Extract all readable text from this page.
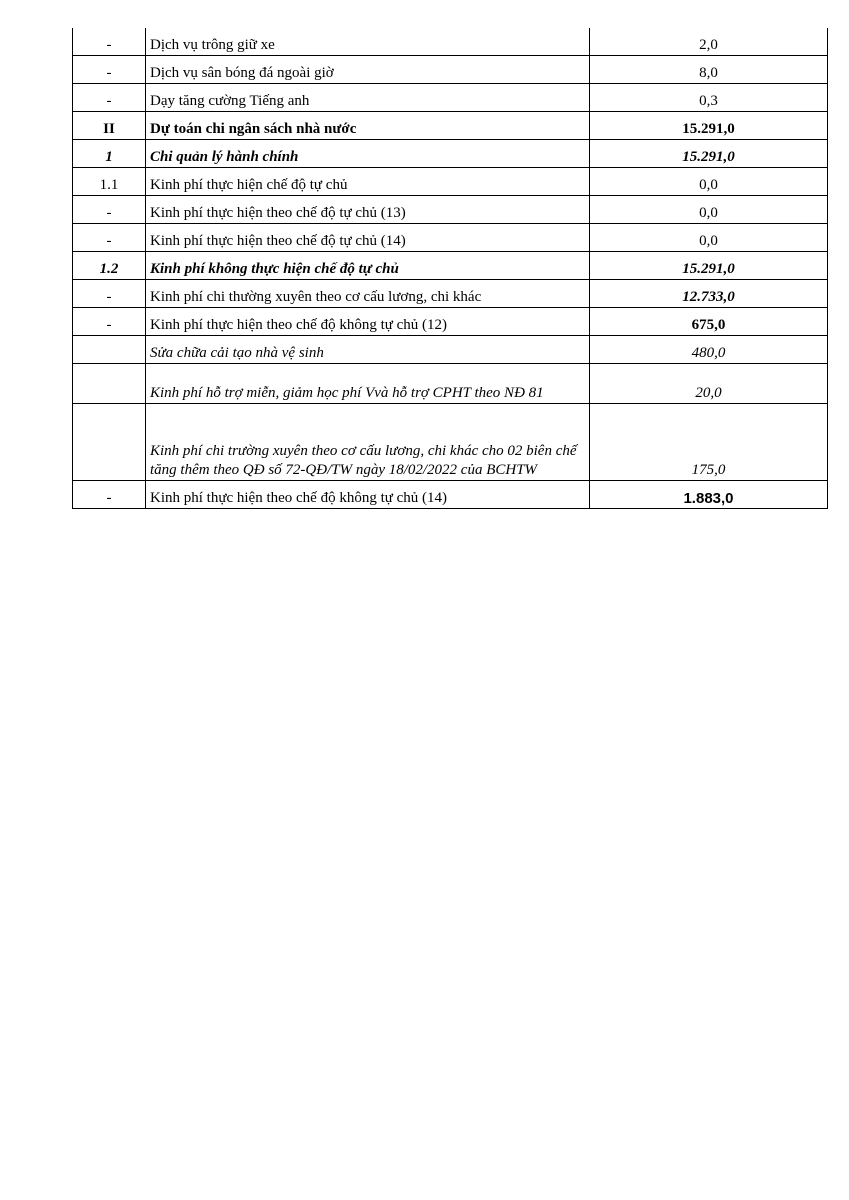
-	Dịch vụ trông giữ xe	2,0
-	Dịch vụ sân bóng đá ngoài giờ	8,0
-	Dạy tăng cường Tiếng anh	0,3
II	Dự toán chi ngân sách nhà nước	15.291,0
1	Chi quản lý hành chính	15.291,0
1.1	Kinh phí thực hiện chế độ tự chủ	0,0
-	Kinh phí thực hiện theo chế độ tự chủ (13)	0,0
-	Kinh phí thực hiện theo chế độ tự chủ (14)	0,0
1.2	Kinh phí không thực hiện chế độ tự chủ	15.291,0
-	Kinh phí chi thường xuyên theo cơ cấu lương, chi khác	12.733,0
-	Kinh phí thực hiện theo chế độ không tự chủ (12)	675,0
	Sửa chữa cải tạo nhà vệ sinh	480,0
	Kinh phí hỗ trợ miễn, giảm học phí Vvà hỗ trợ CPHT theo NĐ 81	20,0
	Kinh phí chi trường xuyên theo cơ cấu lương, chi khác cho 02 biên chế tăng thêm theo QĐ số 72-QĐ/TW ngày 18/02/2022 của BCHTW	175,0
-	Kinh phí thực hiện theo chế độ không tự chủ (14)	1.883,0
